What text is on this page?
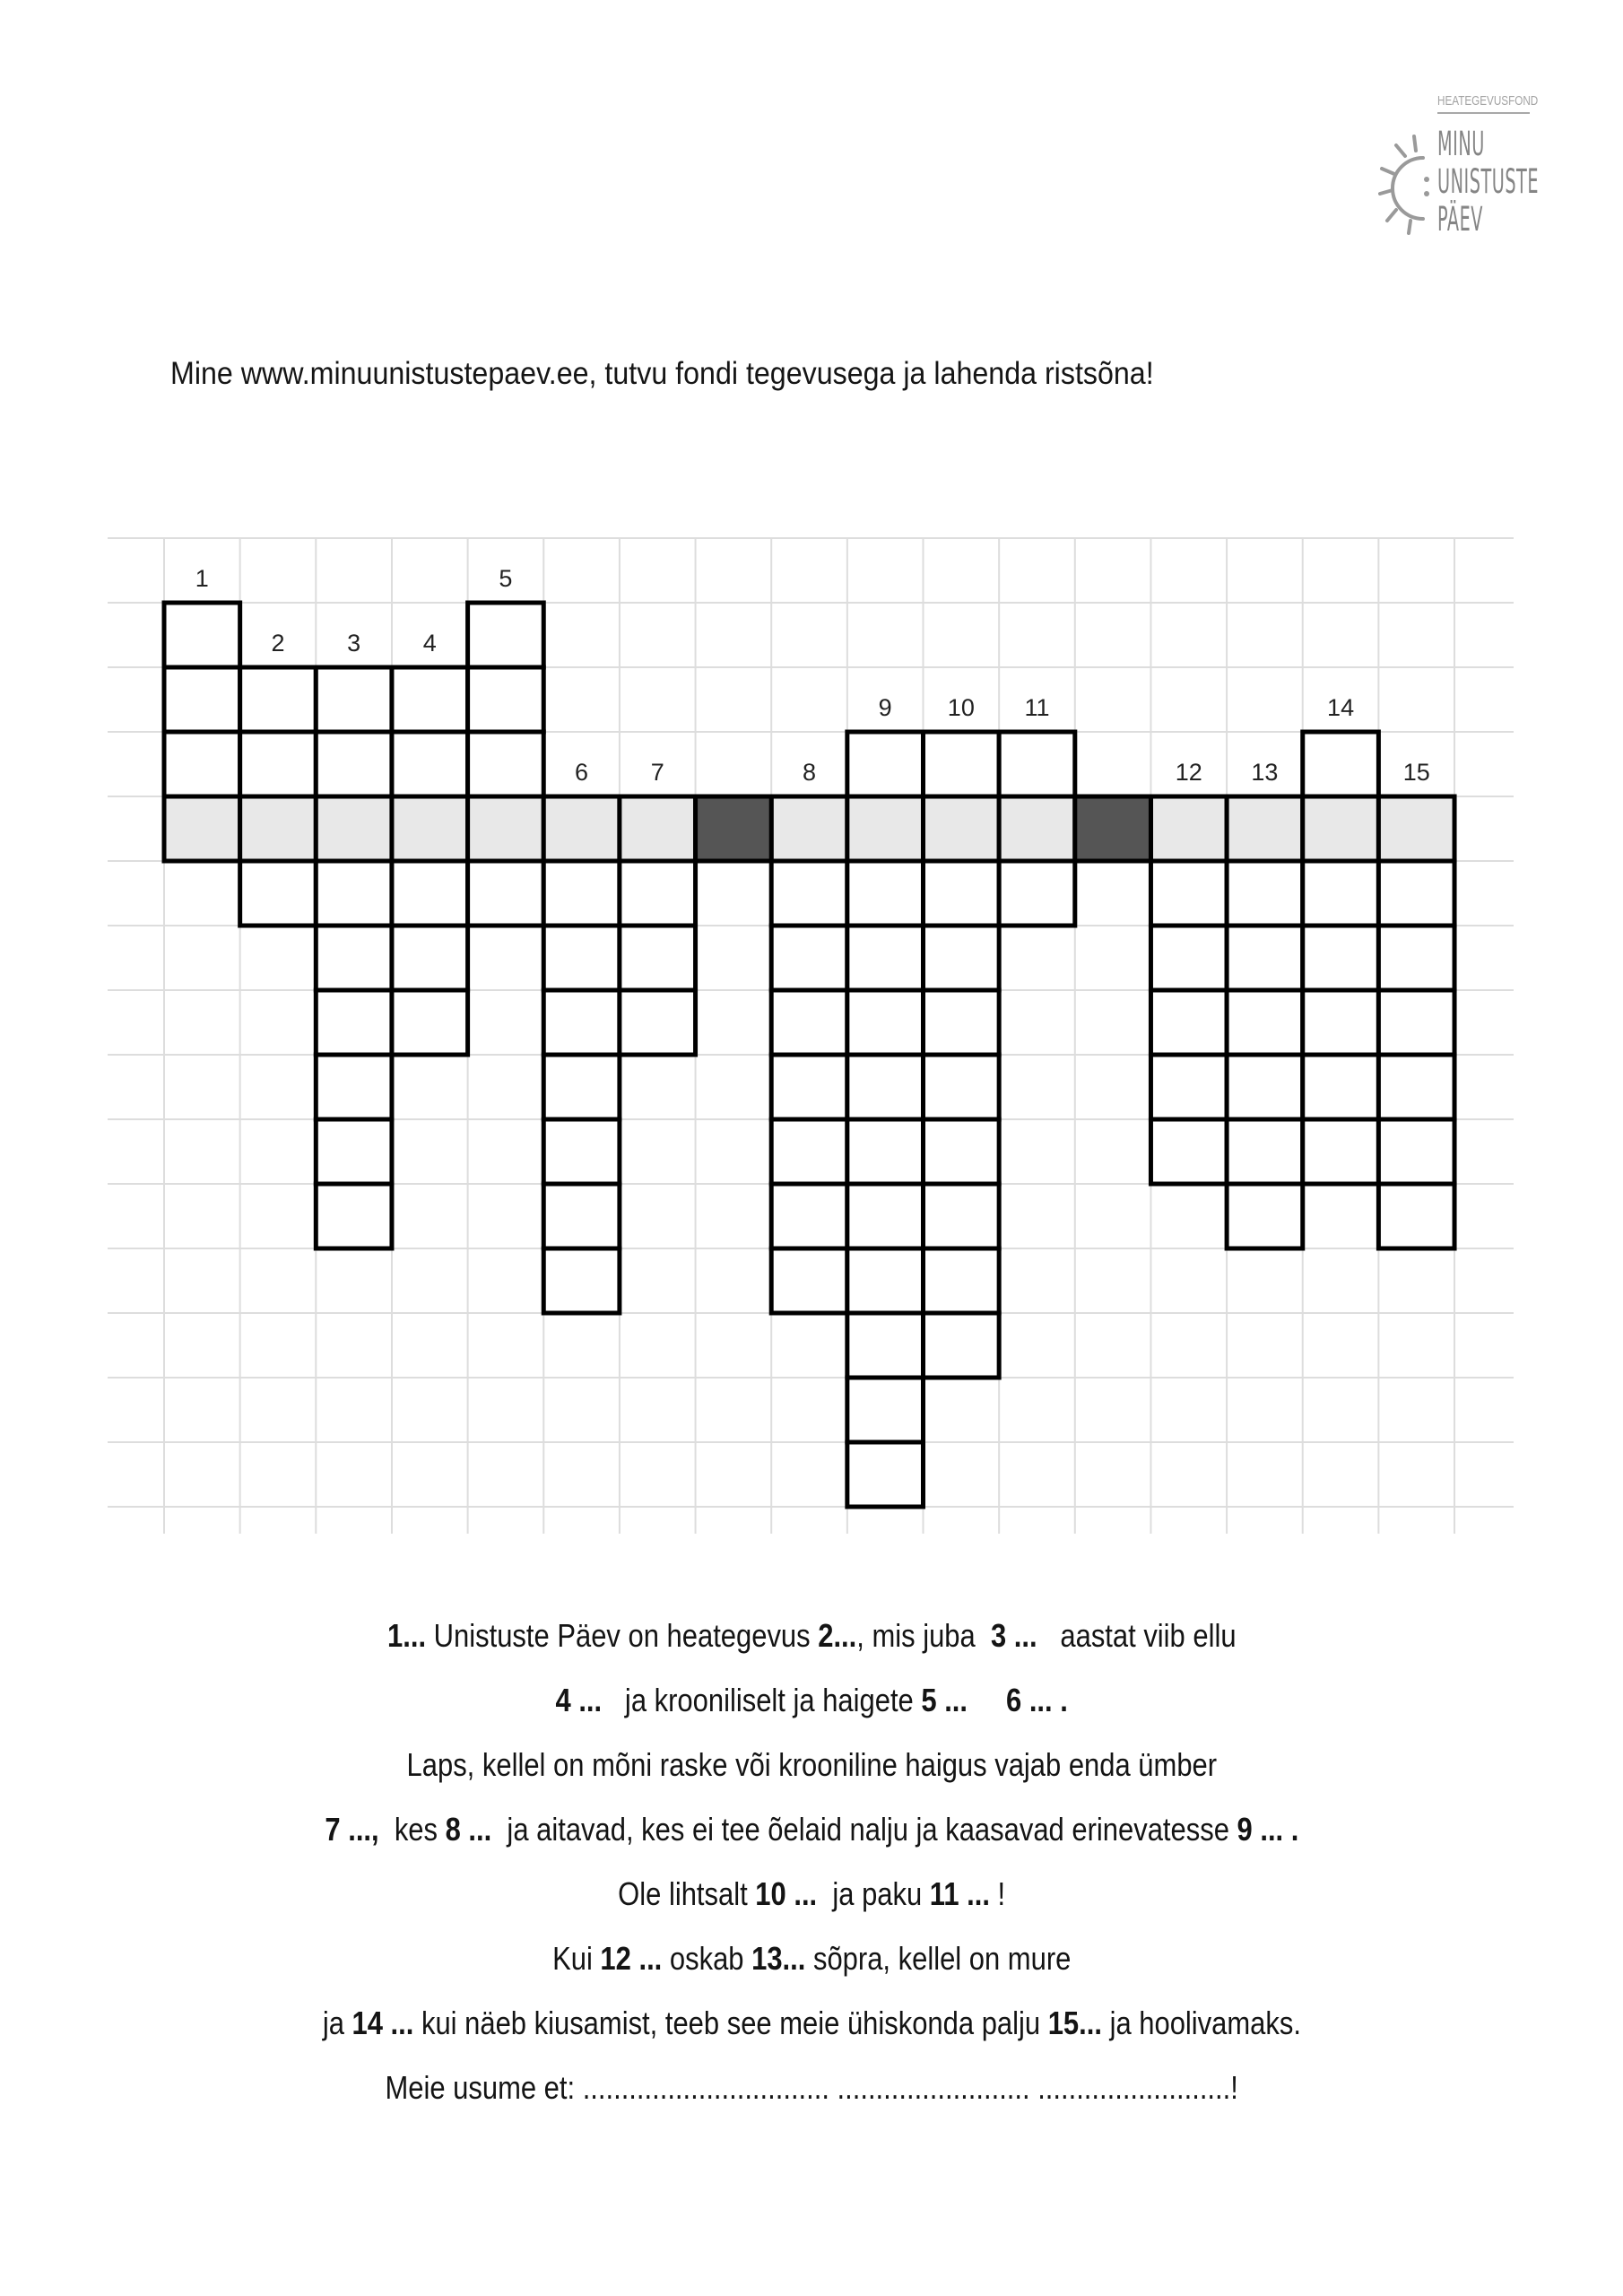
HEATEGEVUSFOND
MINU
UNISTUSTE
PÄEV
Mine www.minuunistustepaev.ee, tutvu fondi tegevusega ja lahenda ristsõna!
1
2	3	4
5
6	7	8
9 10 11
12 13
14
15
1... Unistuste Päev on heategevus 2..., mis juba  3 ...   aastat viib ellu
4 ...   ja krooniliselt ja haigete 5 ... 6 ... .
Laps, kellel on mõni raske või krooniline haigus vajab enda ümber
7 ...,  kes 8 ...  ja aitavad, kes ei tee õelaid nalju ja kaasavad erinevatesse 9 ... .
Ole lihtsalt 10 ...  ja paku 11 ... !
Kui 12 ... oskab 13... sõpra, kellel on mure
ja 14 ... kui näeb kiusamist, teeb see meie ühiskonda palju 15... ja hoolivamaks.
Meie usume et: ................................ ......................... .........................!
